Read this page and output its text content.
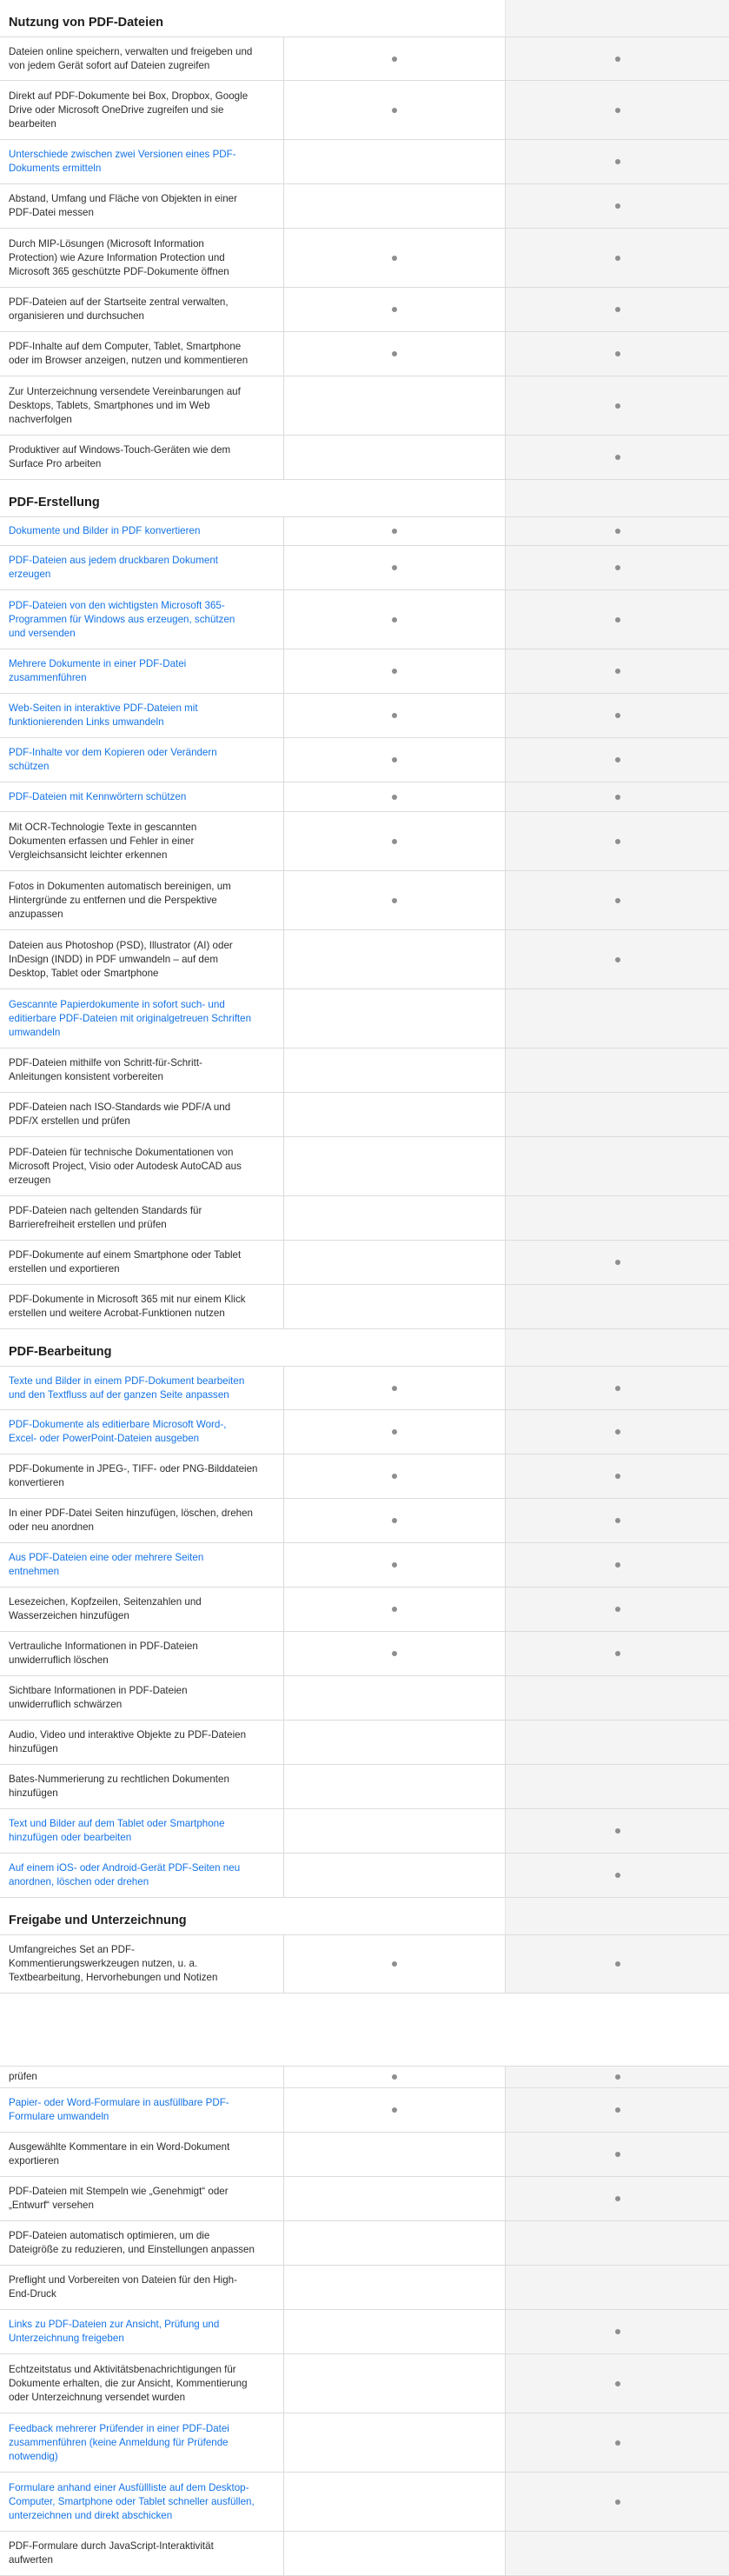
Nutzung von PDF-Dateien
Dateien online speichern, verwalten und freigeben und
von jedem Gerät sofort auf Dateien zugreifen
Direkt auf PDF-Dokumente bei Box, Dropbox, Google
Drive oder Microsoft OneDrive zugreifen und sie
bearbeiten
Unterschiede zwischen zwei Versionen eines PDF-
Dokuments ermitteln
Abstand, Umfang und Fläche von Objekten in einer
PDF-Datei messen
Durch MIP-Lösungen (Microsoft Information
Protection) wie Azure Information Protection und
Microsoft 365 geschützte PDF-Dokumente öffnen
PDF-Dateien auf der Startseite zentral verwalten,
organisieren und durchsuchen
PDF-Inhalte auf dem Computer, Tablet, Smartphone
oder im Browser anzeigen, nutzen und kommentieren
Zur Unterzeichnung versendete Vereinbarungen auf
Desktops, Tablets, Smartphones und im Web
nachverfolgen
Produktiver auf Windows-Touch-Geräten wie dem
Surface Pro arbeiten
PDF-Erstellung
Dokumente und Bilder in PDF konvertieren
PDF-Dateien aus jedem druckbaren Dokument
erzeugen
PDF-Dateien von den wichtigsten Microsoft 365-
Programmen für Windows aus erzeugen, schützen
und versenden
Mehrere Dokumente in einer PDF-Datei
zusammenführen
Web-Seiten in interaktive PDF-Dateien mit
funktionierenden Links umwandeln
PDF-Inhalte vor dem Kopieren oder Verändern
schützen
PDF-Dateien mit Kennwörtern schützen
Mit OCR-Technologie Texte in gescannten
Dokumenten erfassen und Fehler in einer
Vergleichsansicht leichter erkennen
Fotos in Dokumenten automatisch bereinigen, um
Hintergründe zu entfernen und die Perspektive
anzupassen
Dateien aus Photoshop (PSD), Illustrator (AI) oder
InDesign (INDD) in PDF umwandeln – auf dem
Desktop, Tablet oder Smartphone
Gescannte Papierdokumente in sofort such- und
editierbare PDF-Dateien mit originalgetreuen Schriften
umwandeln
PDF-Dateien mithilfe von Schritt-für-Schritt-
Anleitungen konsistent vorbereiten
PDF-Dateien nach ISO-Standards wie PDF/A und
PDF/X erstellen und prüfen
PDF-Dateien für technische Dokumentationen von
Microsoft Project, Visio oder Autodesk AutoCAD aus
erzeugen
PDF-Dateien nach geltenden Standards für
Barrierefreiheit erstellen und prüfen
PDF-Dokumente auf einem Smartphone oder Tablet
erstellen und exportieren
PDF-Dokumente in Microsoft 365 mit nur einem Klick
erstellen und weitere Acrobat-Funktionen nutzen
PDF-Bearbeitung
Texte und Bilder in einem PDF-Dokument bearbeiten
und den Textfluss auf der ganzen Seite anpassen
PDF-Dokumente als editierbare Microsoft Word-,
Excel- oder PowerPoint-Dateien ausgeben
PDF-Dokumente in JPEG-, TIFF- oder PNG-Bilddateien
konvertieren
In einer PDF-Datei Seiten hinzufügen, löschen, drehen
oder neu anordnen
Aus PDF-Dateien eine oder mehrere Seiten
entnehmen
Lesezeichen, Kopfzeilen, Seitenzahlen und
Wasserzeichen hinzufügen
Vertrauliche Informationen in PDF-Dateien
unwiderruflich löschen
Sichtbare Informationen in PDF-Dateien
unwiderruflich schwärzen
Audio, Video und interaktive Objekte zu PDF-Dateien
hinzufügen
Bates-Nummerierung zu rechtlichen Dokumenten
hinzufügen
Text und Bilder auf dem Tablet oder Smartphone
hinzufügen oder bearbeiten
Auf einem iOS- oder Android-Gerät PDF-Seiten neu
anordnen, löschen oder drehen
Freigabe und Unterzeichnung
Umfangreiches Set an PDF-
Kommentierungswerkzeugen nutzen, u. a.
Textbearbeitung, Hervorhebungen und Notizen
prüfen
Papier- oder Word-Formulare in ausfüllbare PDF-
Formulare umwandeln
Ausgewählte Kommentare in ein Word-Dokument
exportieren
PDF-Dateien mit Stempeln wie „Genehmigt“ oder
„Entwurf“ versehen
PDF-Dateien automatisch optimieren, um die
Dateigröße zu reduzieren, und Einstellungen anpassen
Preflight und Vorbereiten von Dateien für den High-
End-Druck
Links zu PDF-Dateien zur Ansicht, Prüfung und
Unterzeichnung freigeben
Echtzeitstatus und Aktivitätsbenachrichtigungen für
Dokumente erhalten, die zur Ansicht, Kommentierung
oder Unterzeichnung versendet wurden
Feedback mehrerer Prüfender in einer PDF-Datei
zusammenführen (keine Anmeldung für Prüfende
notwendig)
Formulare anhand einer Ausfüllliste auf dem Desktop-
Computer, Smartphone oder Tablet schneller ausfüllen,
unterzeichnen und direkt abschicken
PDF-Formulare durch JavaScript-Interaktivität
aufwerten
